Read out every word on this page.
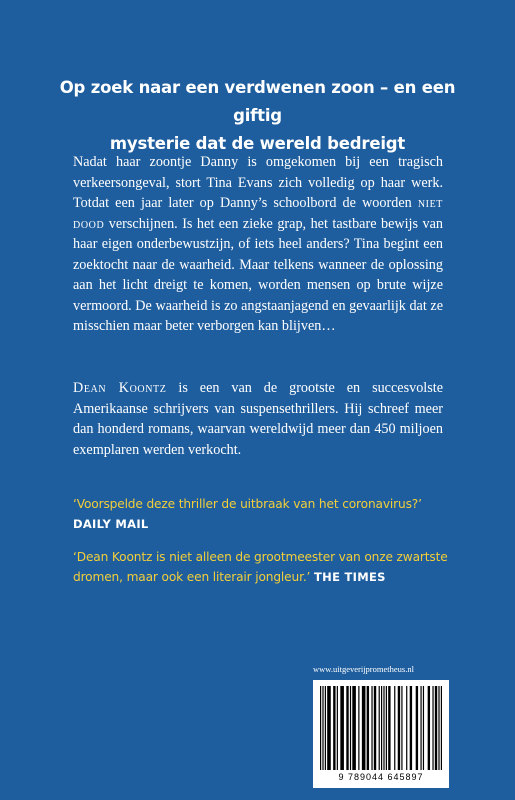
Op zoek naar een verdwenen zoon – en een giftig
mysterie dat de wereld bedreigt

Nadat haar zoontje Danny is omgekomen bij een tragisch verkeersongeval, stort Tina Evans zich volledig op haar werk. Totdat een jaar later op Danny’s schoolbord de woorden niet dood verschijnen. Is het een zieke grap, het tastbare bewijs van haar eigen onderbewustzijn, of iets heel anders? Tina begint een zoektocht naar de waarheid. Maar telkens wanneer de oplossing aan het licht dreigt te komen, worden mensen op brute wijze vermoord. De waarheid is zo angstaanjagend en gevaarlijk dat ze misschien maar beter verborgen kan blijven…

Dean Koontz is een van de grootste en succesvolste Amerikaanse schrijvers van suspensethrillers. Hij schreef meer dan honderd romans, waarvan wereldwijd meer dan 450 miljoen exemplaren werden verkocht.

‘Voorspelde deze thriller de uitbraak van het coronavirus?’
DAILY MAIL

‘Dean Koontz is niet alleen de grootmeester van onze zwartste dromen, maar ook een literair jongleur.’ THE TIMES

www.uitgeverijprometheus.nl

9 789044 645897
